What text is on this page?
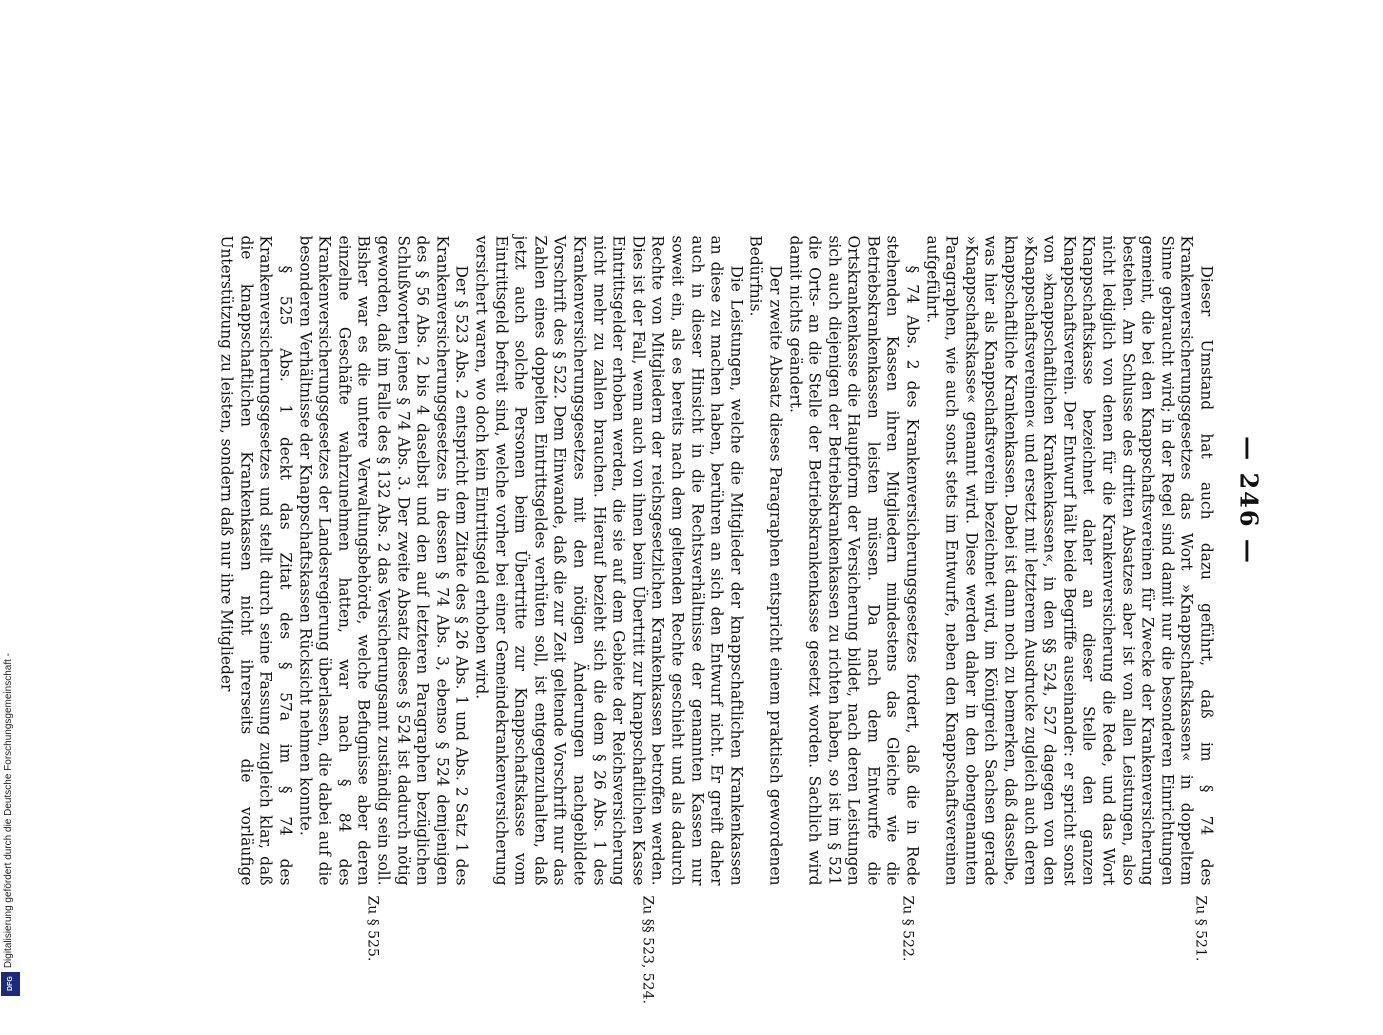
— 246 —
Zu § 521.
Zu § 522.
Zu §§ 523, 524.
Zu § 525.

Dieser Umstand hat auch dazu geführt, daß im § 74 des Krankenversicherungsgesetzes das Wort »Knappschaftskassen« in doppeltem Sinne gebraucht wird; in der Regel sind damit nur die besonderen Einrichtungen gemeint, die bei den Knappschaftsvereinen für Zwecke der Krankenversicherung bestehen. Am Schlusse des dritten Absatzes aber ist von allen Leistungen, also nicht lediglich von denen für die Krankenversicherung die Rede, und das Wort Knappschaftskasse bezeichnet daher an dieser Stelle den ganzen Knappschaftsverein. Der Entwurf hält beide Begriffe auseinander: er spricht sonst von »knappschaftlichen Krankenkassen«, in den §§ 524, 527 dagegen von den »Knappschaftsvereinen« und ersetzt mit letzterem Ausdrucke zugleich auch deren knappschaftliche Krankenkassen. Dabei ist dann noch zu bemerken, daß dasselbe, was hier als Knappschaftsverein bezeichnet wird, im Königreich Sachsen gerade »Knappschaftskasse« genannt wird. Diese werden daher in den obengenannten Paragraphen, wie auch sonst stets im Entwurfe, neben den Knappschaftsvereinen aufgeführt.

§ 74 Abs. 2 des Krankenversicherungsgesetzes fordert, daß die in Rede stehenden Kassen ihren Mitgliedern mindestens das Gleiche wie die Betriebskrankenkassen leisten müssen. Da nach dem Entwurfe die Ortskrankenkasse die Hauptform der Versicherung bildet, nach deren Leistungen sich auch diejenigen der Betriebskrankenkassen zu richten haben, so ist im § 521 die Orts- an die Stelle der Betriebskrankenkasse gesetzt worden. Sachlich wird damit nichts geändert.

Der zweite Absatz dieses Paragraphen entspricht einem praktisch gewordenen Bedürfnis.

Die Leistungen, welche die Mitglieder der knappschaftlichen Krankenkassen an diese zu machen haben, berühren an sich den Entwurf nicht. Er greift daher auch in dieser Hinsicht in die Rechtsverhältnisse der genannten Kassen nur soweit ein, als es bereits nach dem geltenden Rechte geschieht und als dadurch Rechte von Mitgliedern der reichsgesetzlichen Krankenkassen betroffen werden. Dies ist der Fall, wenn auch von ihnen beim Übertritt zur knappschaftlichen Kasse Eintrittsgelder erhoben werden, die sie auf dem Gebiete der Reichsversicherung nicht mehr zu zahlen brauchen. Hierauf bezieht sich die dem § 26 Abs. 1 des Krankenversicherungsgesetzes mit den nötigen Änderungen nachgebildete Vorschrift des § 522. Dem Einwande, daß die zur Zeit geltende Vorschrift nur das Zahlen eines doppelten Eintrittsgeldes verhüten soll, ist entgegenzuhalten, daß jetzt auch solche Personen beim Übertritte zur Knappschaftskasse vom Eintrittsgeld befreit sind, welche vorher bei einer Gemeindekrankenversicherung versichert waren, wo doch kein Eintrittsgeld erhoben wird.

Der § 523 Abs. 2 entspricht dem Zitate des § 26 Abs. 1 und Abs. 2 Satz 1 des Krankenversicherungsgesetzes in dessen § 74 Abs. 3, ebenso § 524 demjenigen des § 56 Abs. 2 bis 4 daselbst und den auf letzteren Paragraphen bezüglichen Schlußworten jenes § 74 Abs. 3. Der zweite Absatz dieses § 524 ist dadurch nötig geworden, daß im Falle des § 132 Abs. 2 das Versicherungsamt zuständig sein soll. Bisher war es die untere Verwaltungsbehörde, welche Befugnisse aber deren einzelne Geschäfte wahrzunehmen hatten, war nach § 84 des Krankenversicherungsgesetzes der Landesregierung überlassen, die dabei auf die besonderen Verhältnisse der Knappschaftskassen Rücksicht nehmen konnte.

§ 525 Abs. 1 deckt das Zitat des § 57a im § 74 des Krankenversicherungsgesetzes und stellt durch seine Fassung zugleich klar, daß die knappschaftlichen Krankenkassen nicht ihrerseits die vorläufige Unterstützung zu leisten, sondern daß nur ihre Mitglieder

Digitalisierung gefördert durch die Deutsche Forschungsgemeinschaft -
DFG
